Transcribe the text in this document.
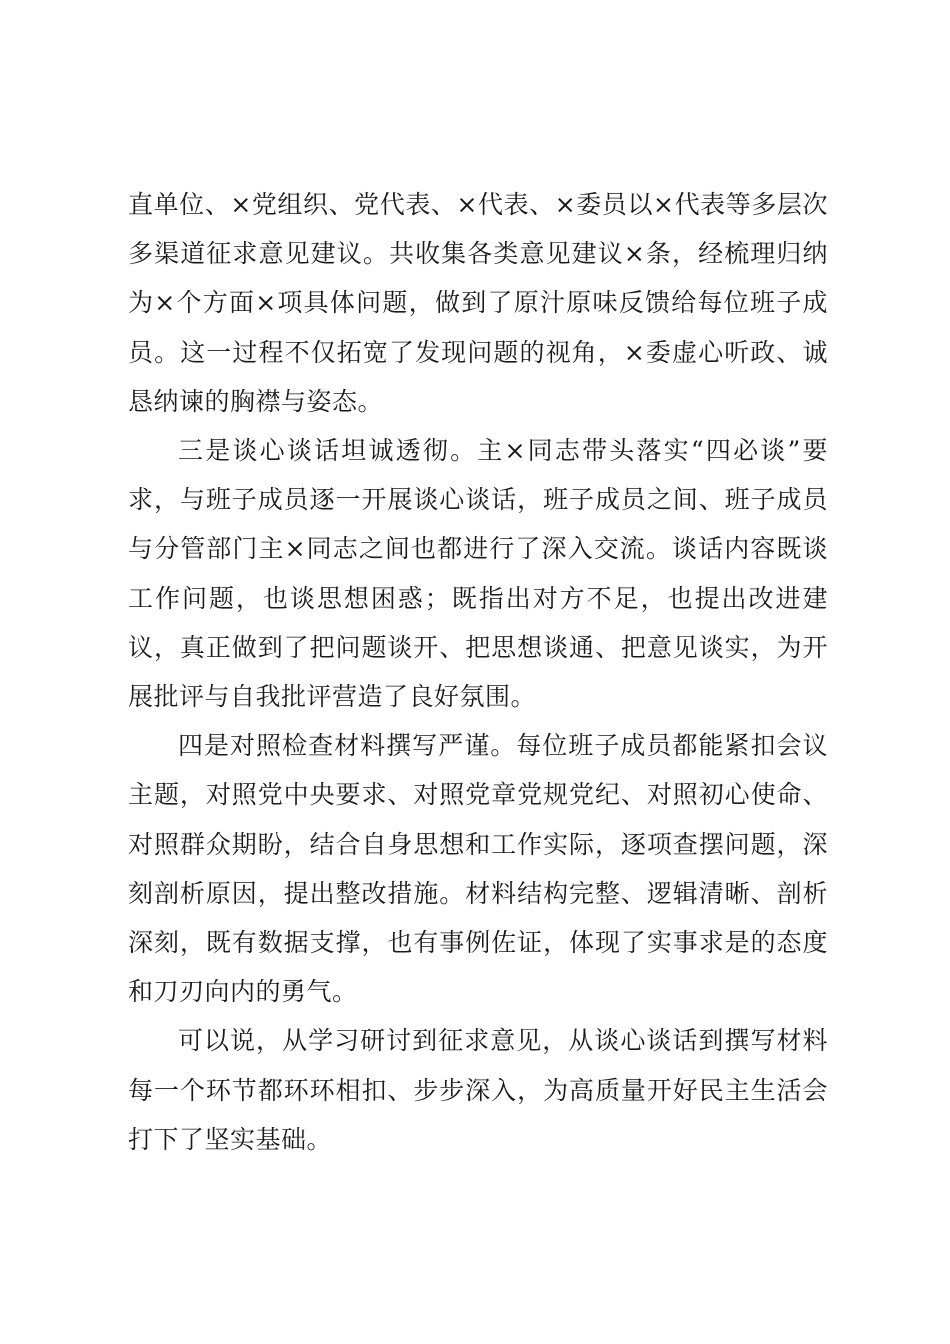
直单位、×党组织、党代表、×代表、×委员以×代表等多层次多渠道征求意见建议。共收集各类意见建议×条，经梳理归纳为×个方面×项具体问题，做到了原汁原味反馈给每位班子成员。这一过程不仅拓宽了发现问题的视角，×委虚心听政、诚恳纳谏的胸襟与姿态。

三是谈心谈话坦诚透彻。主×同志带头落实“四必谈”要求，与班子成员逐一开展谈心谈话，班子成员之间、班子成员与分管部门主×同志之间也都进行了深入交流。谈话内容既谈工作问题，也谈思想困惑；既指出对方不足，也提出改进建议，真正做到了把问题谈开、把思想谈通、把意见谈实，为开展批评与自我批评营造了良好氛围。

四是对照检查材料撰写严谨。每位班子成员都能紧扣会议主题，对照党中央要求、对照党章党规党纪、对照初心使命、对照群众期盼，结合自身思想和工作实际，逐项查摆问题，深刻剖析原因，提出整改措施。材料结构完整、逻辑清晰、剖析深刻，既有数据支撑，也有事例佐证，体现了实事求是的态度和刀刃向内的勇气。

可以说，从学习研讨到征求意见，从谈心谈话到撰写材料每一个环节都环环相扣、步步深入，为高质量开好民主生活会打下了坚实基础。
